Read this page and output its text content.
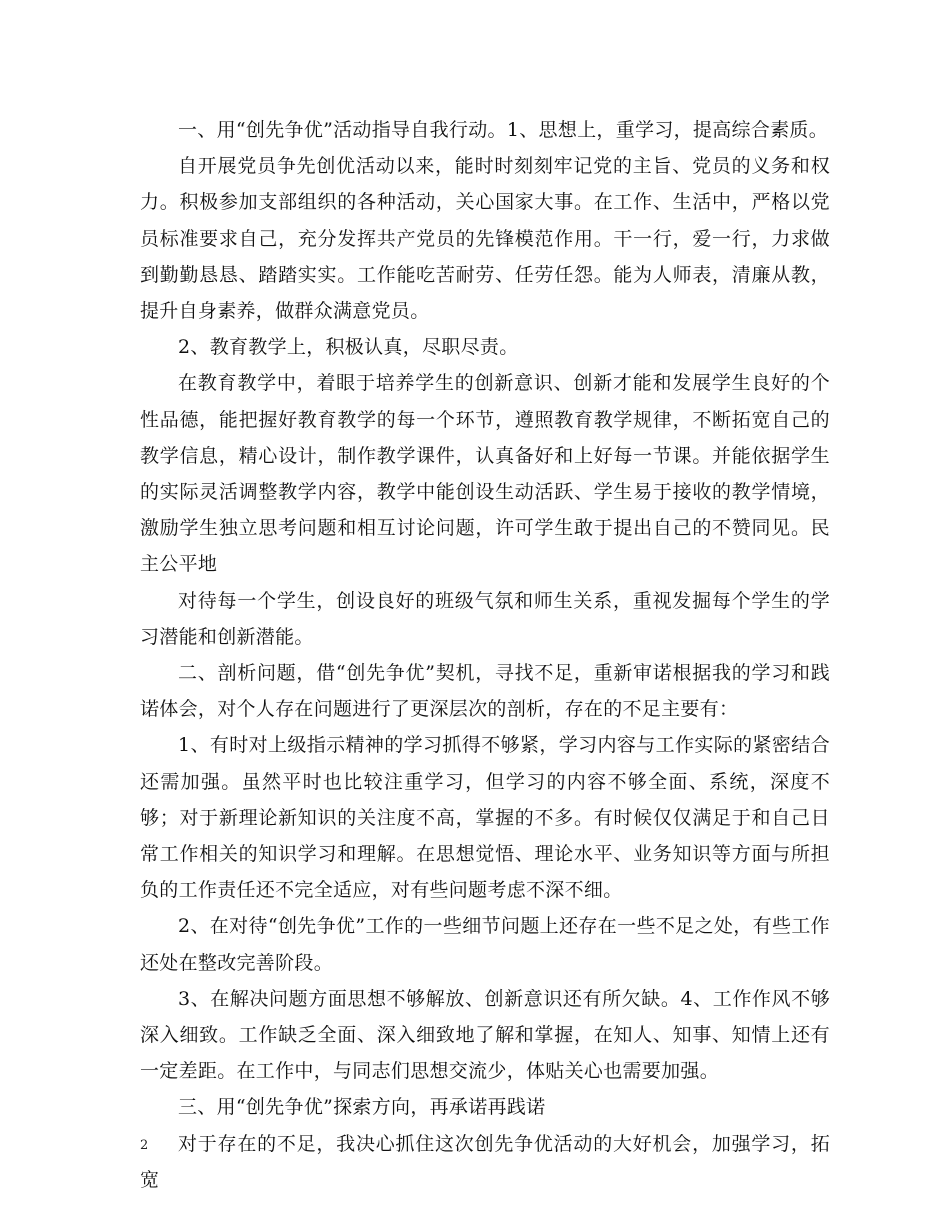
一、用“创先争优”活动指导自我行动。1、思想上，重学习，提高综合素质。

自开展党员争先创优活动以来，能时时刻刻牢记党的主旨、党员的义务和权力。积极参加支部组织的各种活动，关心国家大事。在工作、生活中，严格以党员标准要求自己，充分发挥共产党员的先锋模范作用。干一行，爱一行，力求做到勤勤恳恳、踏踏实实。工作能吃苦耐劳、任劳任怨。能为人师表，清廉从教，提升自身素养，做群众满意党员。

2、教育教学上，积极认真，尽职尽责。

在教育教学中，着眼于培养学生的创新意识、创新才能和发展学生良好的个性品德，能把握好教育教学的每一个环节，遵照教育教学规律，不断拓宽自己的教学信息，精心设计，制作教学课件，认真备好和上好每一节课。并能依据学生的实际灵活调整教学内容，教学中能创设生动活跃、学生易于接收的教学情境，激励学生独立思考问题和相互讨论问题，许可学生敢于提出自己的不赞同见。民主公平地

对待每一个学生，创设良好的班级气氛和师生关系，重视发掘每个学生的学习潜能和创新潜能。

二、剖析问题，借“创先争优”契机，寻找不足，重新审诺根据我的学习和践诺体会，对个人存在问题进行了更深层次的剖析，存在的不足主要有：

1、有时对上级指示精神的学习抓得不够紧，学习内容与工作实际的紧密结合还需加强。虽然平时也比较注重学习，但学习的内容不够全面、系统，深度不够；对于新理论新知识的关注度不高，掌握的不多。有时候仅仅满足于和自己日常工作相关的知识学习和理解。在思想觉悟、理论水平、业务知识等方面与所担负的工作责任还不完全适应，对有些问题考虑不深不细。

2、在对待“创先争优”工作的一些细节问题上还存在一些不足之处，有些工作还处在整改完善阶段。

3、在解决问题方面思想不够解放、创新意识还有所欠缺。4、工作作风不够深入细致。工作缺乏全面、深入细致地了解和掌握，在知人、知事、知情上还有一定差距。在工作中，与同志们思想交流少，体贴关心也需要加强。

三、用“创先争优”探索方向，再承诺再践诺

对于存在的不足，我决心抓住这次创先争优活动的大好机会，加强学习，拓宽

2
